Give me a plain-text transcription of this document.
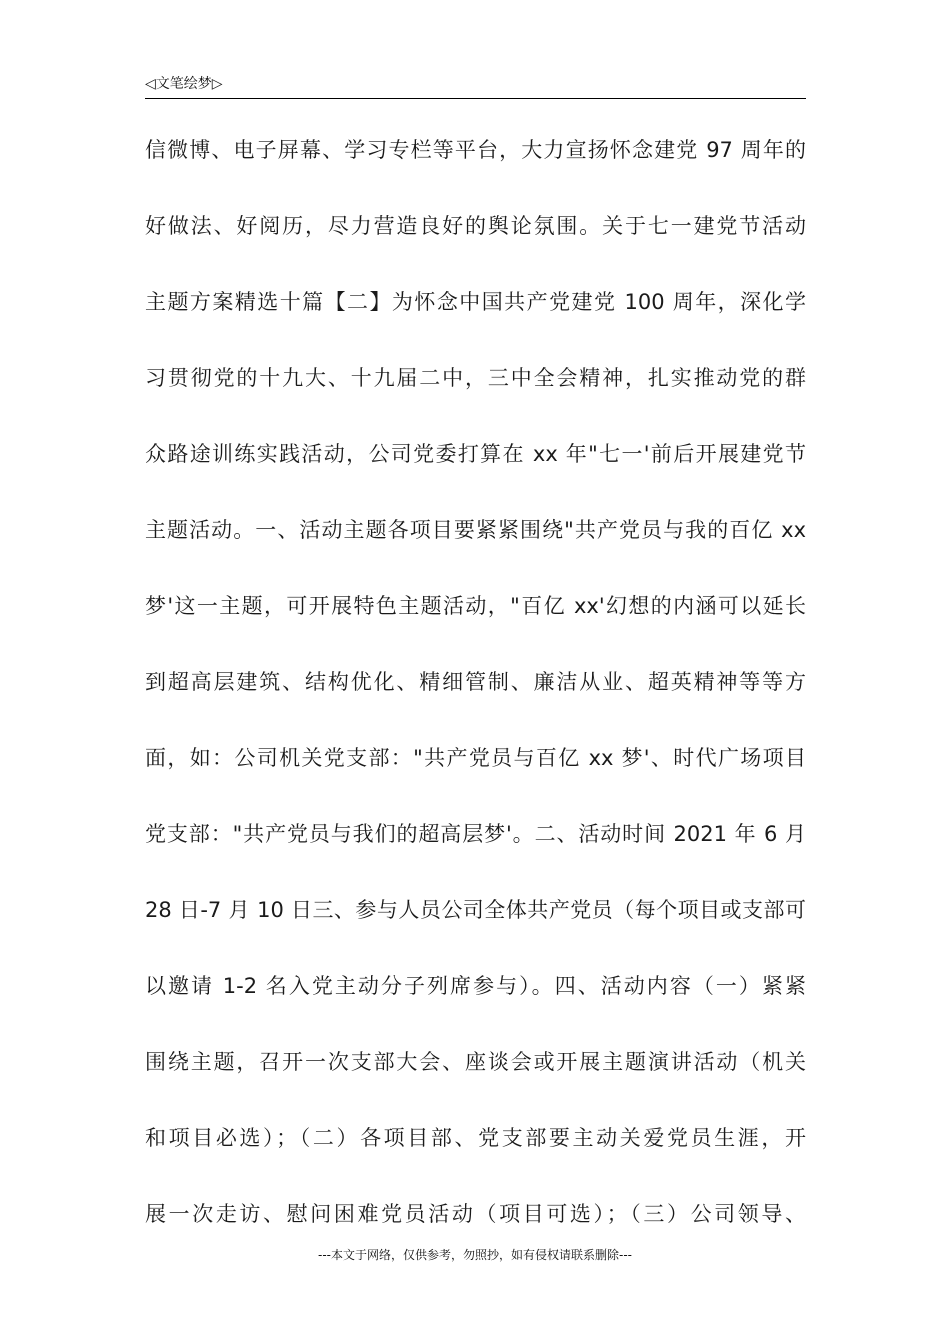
◁文笔绘梦▷
信微博、电子屏幕、学习专栏等平台，大力宣扬怀念建党 97 周年的
好做法、好阅历，尽力营造良好的舆论氛围。关于七一建党节活动
主题方案精选十篇【二】为怀念中国共产党建党 100 周年，深化学
习贯彻党的十九大、十九届二中，三中全会精神，扎实推动党的群
众路途训练实践活动，公司党委打算在 xx 年"七一'前后开展建党节
主题活动。一、活动主题各项目要紧紧围绕"共产党员与我的百亿 xx
梦'这一主题，可开展特色主题活动，"百亿 xx'幻想的内涵可以延长
到超高层建筑、结构优化、精细管制、廉洁从业、超英精神等等方
面，如：公司机关党支部："共产党员与百亿 xx 梦'、时代广场项目
党支部："共产党员与我们的超高层梦'。二、活动时间 2021 年 6 月
28 日-7 月 10 日三、参与人员公司全体共产党员（每个项目或支部可
以邀请 1-2 名入党主动分子列席参与）。四、活动内容（一）紧紧
围绕主题，召开一次支部大会、座谈会或开展主题演讲活动（机关
和项目必选）；（二）各项目部、党支部要主动关爱党员生涯，开
展一次走访、慰问困难党员活动（项目可选）；（三）公司领导、
---本文于网络，仅供参考，勿照抄，如有侵权请联系删除---
